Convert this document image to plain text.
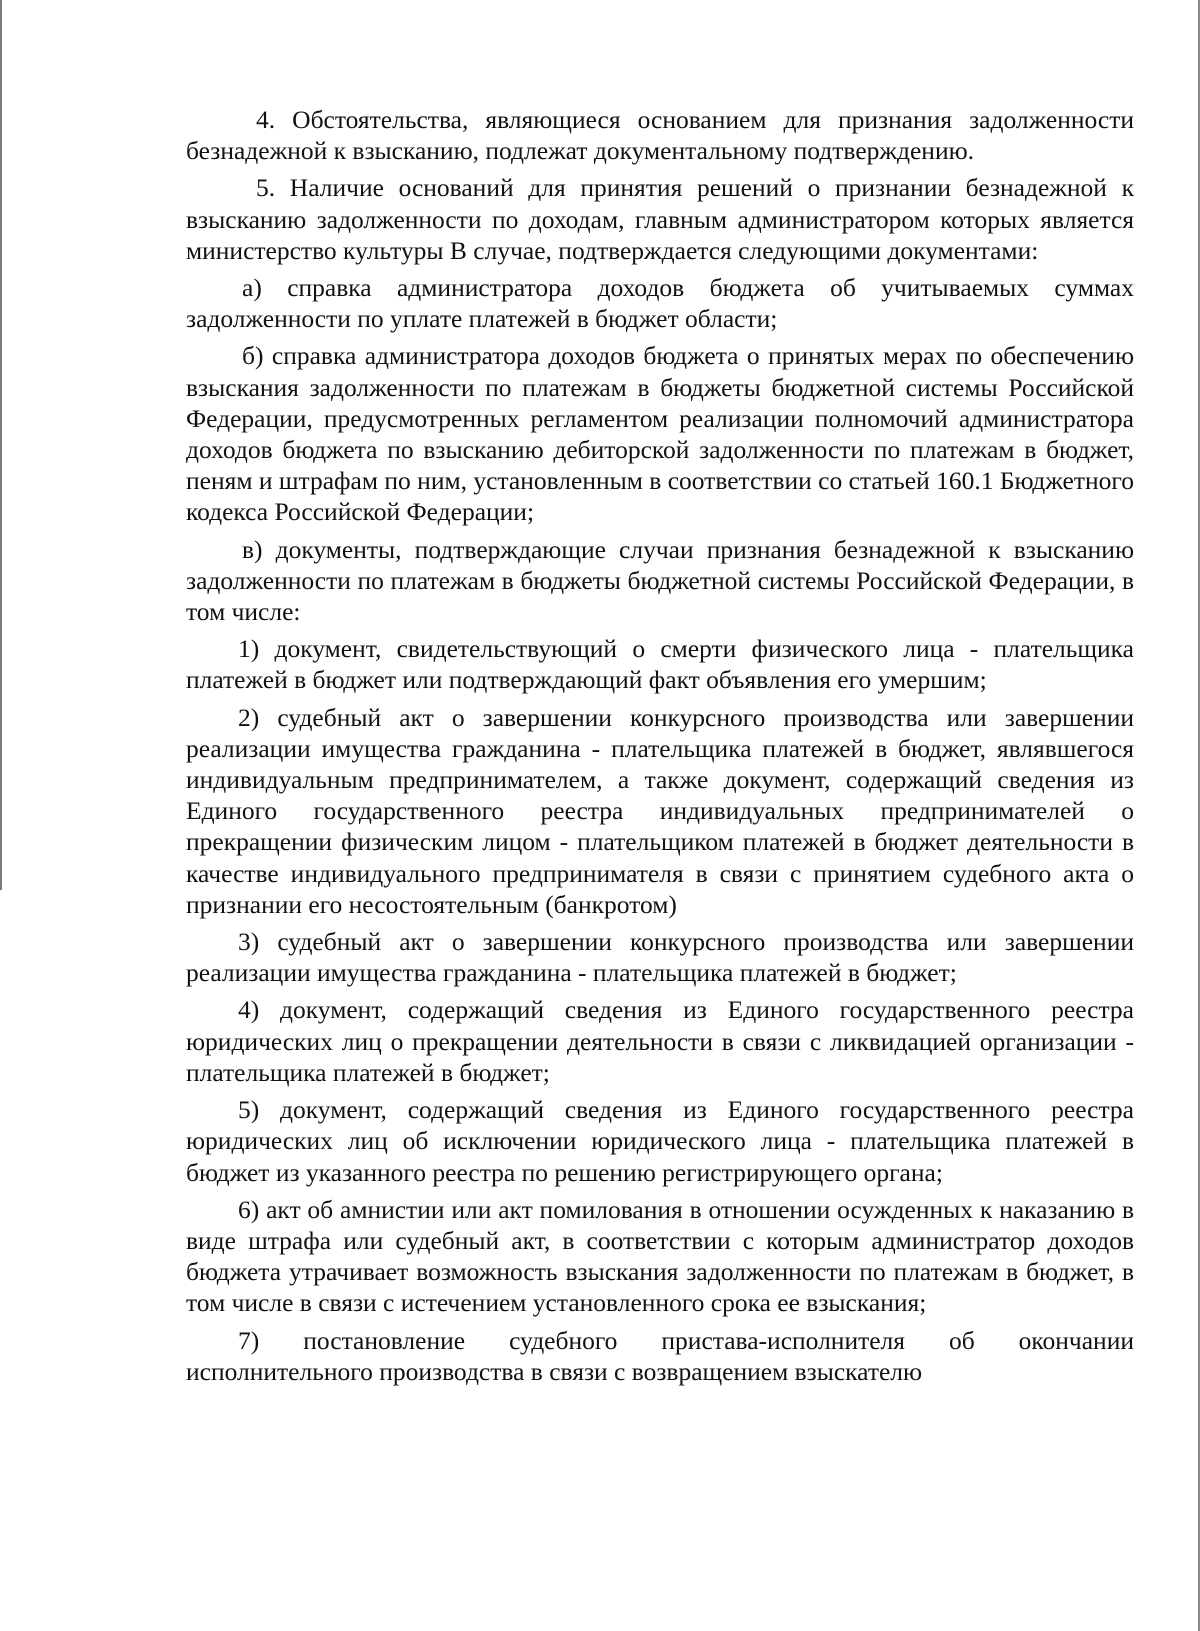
4. Обстоятельства, являющиеся основанием для признания задолженности безнадежной к взысканию, подлежат документальному подтверждению.

5. Наличие оснований для принятия решений о признании безнадежной к взысканию задолженности по доходам, главным администратором которых является министерство культуры В случае, подтверждается следующими документами:

а) справка администратора доходов бюджета об учитываемых суммах задолженности по уплате платежей в бюджет области;

б) справка администратора доходов бюджета о принятых мерах по обеспечению взыскания задолженности по платежам в бюджеты бюджетной системы Российской Федерации, предусмотренных регламентом реализации полномочий администратора доходов бюджета по взысканию дебиторской задолженности по платежам в бюджет, пеням и штрафам по ним, установленным в соответствии со статьей 160.1 Бюджетного кодекса Российской Федерации;

в) документы, подтверждающие случаи признания безнадежной к взысканию задолженности по платежам в бюджеты бюджетной системы Российской Федерации, в том числе:

1) документ, свидетельствующий о смерти физического лица - плательщика платежей в бюджет или подтверждающий факт объявления его умершим;

2) судебный акт о завершении конкурсного производства или завершении реализации имущества гражданина - плательщика платежей в бюджет, являвшегося индивидуальным предпринимателем, а также документ, содержащий сведения из Единого государственного реестра индивидуальных предпринимателей о прекращении физическим лицом - плательщиком платежей в бюджет деятельности в качестве индивидуального предпринимателя в связи с принятием судебного акта о признании его несостоятельным (банкротом)

3) судебный акт о завершении конкурсного производства или завершении реализации имущества гражданина - плательщика платежей в бюджет;

4) документ, содержащий сведения из Единого государственного реестра юридических лиц о прекращении деятельности в связи с ликвидацией организации - плательщика платежей в бюджет;

5) документ, содержащий сведения из Единого государственного реестра юридических лиц об исключении юридического лица - плательщика платежей в бюджет из указанного реестра по решению регистрирующего органа;

6) акт об амнистии или акт помилования в отношении осужденных к наказанию в виде штрафа или судебный акт, в соответствии с которым администратор доходов бюджета утрачивает возможность взыскания задолженности по платежам в бюджет, в том числе в связи с истечением установленного срока ее взыскания;

7) постановление судебного пристава-исполнителя об окончании исполнительного производства в связи с возвращением взыскателю
